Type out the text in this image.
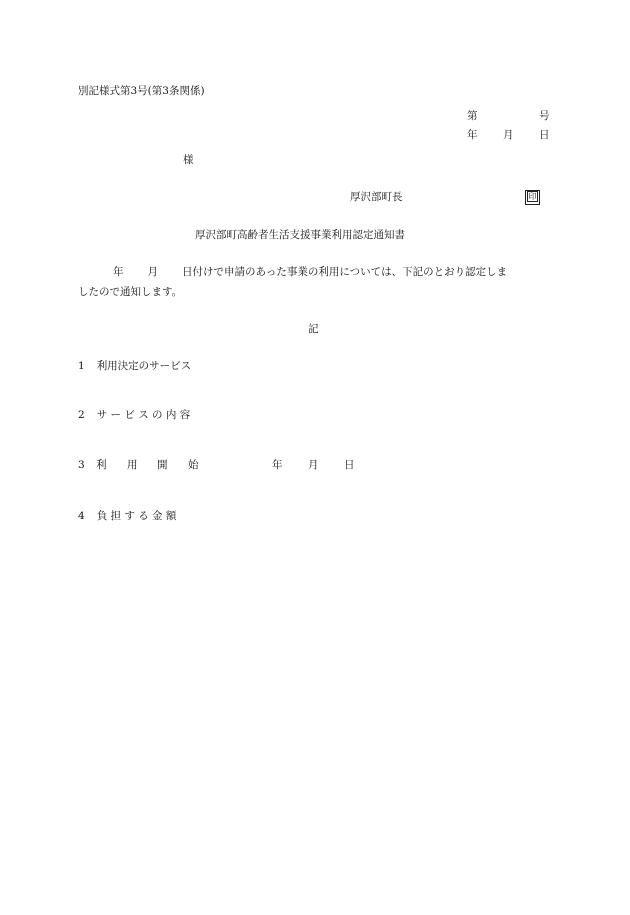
別記様式第3号(第3条関係)
第	号
年 月 日
様
厚沢部町長	印
厚沢部町高齢者生活支援事業利用認定通知書
年 月 日付けで申請のあった事業の利用については、下記のとおり認定しま
したので通知します。
記
1 利用決定のサービス
2 サ ー ビ ス の 内 容
3 利 用 開 始	年 月 日
4 負 担 す る 金 額
